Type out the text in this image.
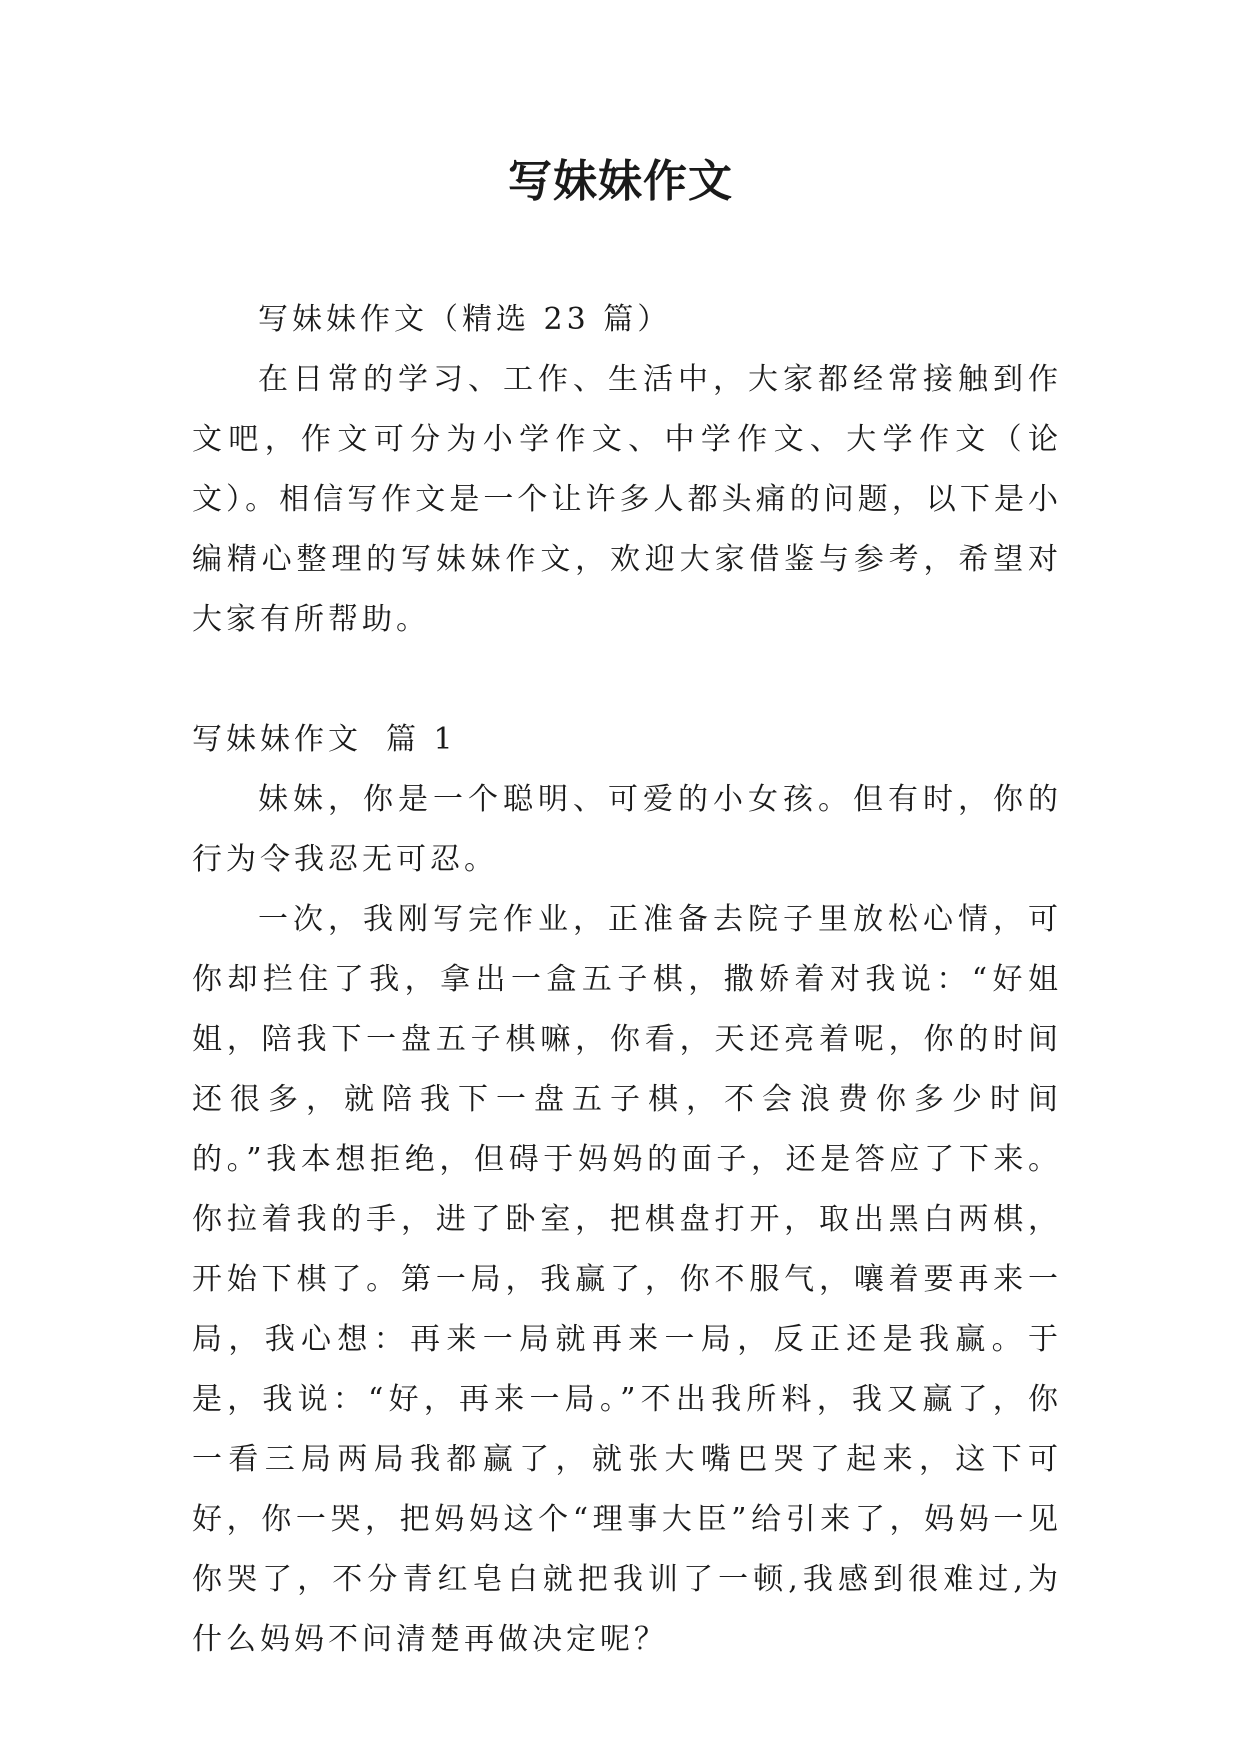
写妹妹作文

写妹妹作文（精选 23 篇）

在日常的学习、工作、生活中，大家都经常接触到作文吧，作文可分为小学作文、中学作文、大学作文（论文）。相信写作文是一个让许多人都头痛的问题，以下是小编精心整理的写妹妹作文，欢迎大家借鉴与参考，希望对大家有所帮助。

写妹妹作文 篇 1

妹妹，你是一个聪明、可爱的小女孩。但有时，你的行为令我忍无可忍。

一次，我刚写完作业，正准备去院子里放松心情，可你却拦住了我，拿出一盒五子棋，撒娇着对我说：“好姐姐，陪我下一盘五子棋嘛，你看，天还亮着呢，你的时间还很多，就陪我下一盘五子棋，不会浪费你多少时间的。”我本想拒绝，但碍于妈妈的面子，还是答应了下来。你拉着我的手，进了卧室，把棋盘打开，取出黑白两棋，开始下棋了。第一局，我赢了，你不服气，嚷着要再来一局，我心想：再来一局就再来一局，反正还是我赢。于是，我说：“好，再来一局。”不出我所料，我又赢了，你一看三局两局我都赢了，就张大嘴巴哭了起来，这下可好，你一哭，把妈妈这个“理事大臣”给引来了，妈妈一见你哭了，不分青红皂白就把我训了一顿,我感到很难过,为什么妈妈不问清楚再做决定呢？
